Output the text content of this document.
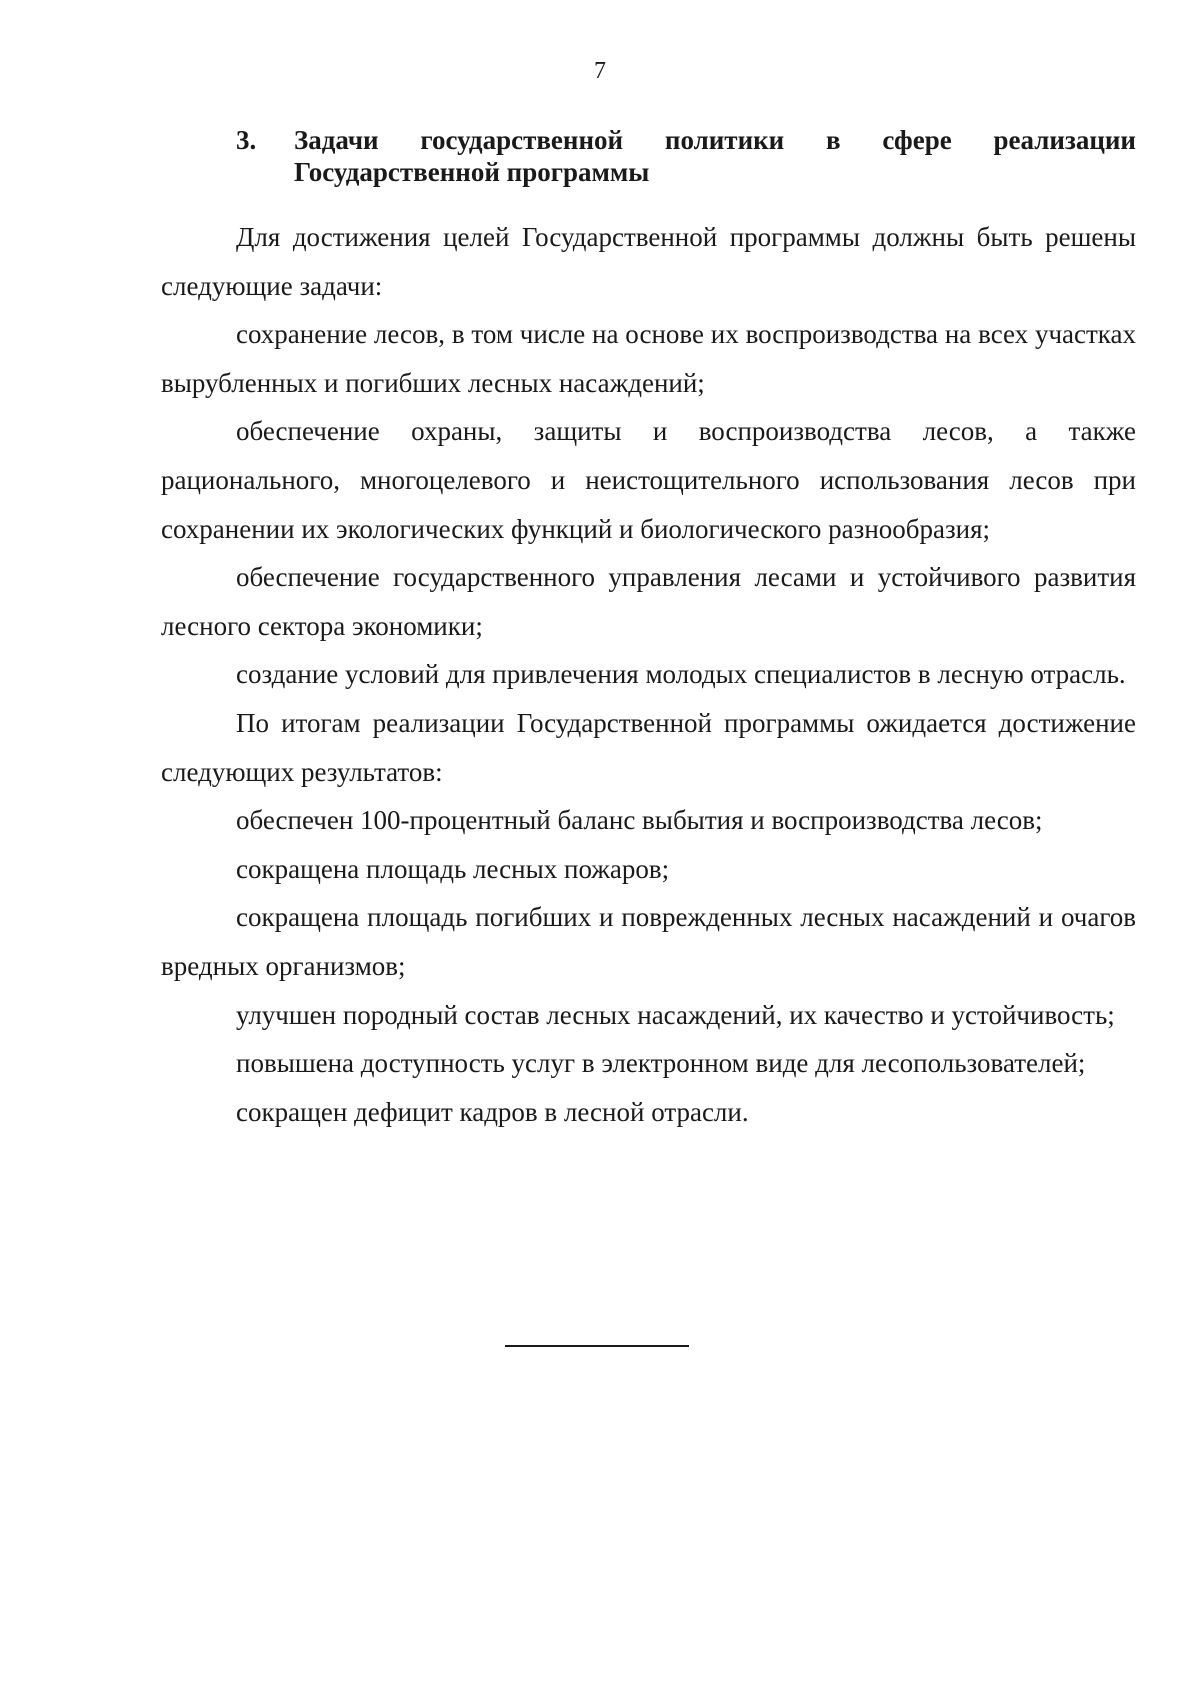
7
3. Задачи государственной политики в сфере реализации
Государственной программы

Для достижения целей Государственной программы должны быть решены следующие задачи:

сохранение лесов, в том числе на основе их воспроизводства на всех участках вырубленных и погибших лесных насаждений;

обеспечение охраны, защиты и воспроизводства лесов, а также рационального, многоцелевого и неистощительного использования лесов при сохранении их экологических функций и биологического разнообразия;

обеспечение государственного управления лесами и устойчивого развития лесного сектора экономики;

создание условий для привлечения молодых специалистов в лесную отрасль.

По итогам реализации Государственной программы ожидается достижение следующих результатов:

обеспечен 100-процентный баланс выбытия и воспроизводства лесов;

сокращена площадь лесных пожаров;

сокращена площадь погибших и поврежденных лесных насаждений и очагов вредных организмов;

улучшен породный состав лесных насаждений, их качество и устойчивость;

повышена доступность услуг в электронном виде для лесопользователей;

сокращен дефицит кадров в лесной отрасли.
